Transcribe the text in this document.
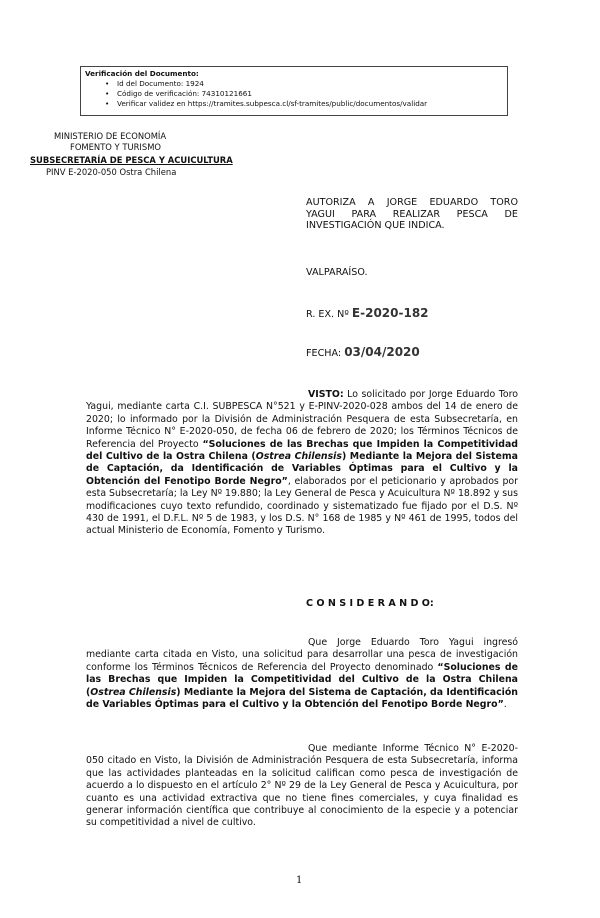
Verificación del Documento:
• Id del Documento: 1924
• Código de verificación: 74310121661
• Verificar validez en https://tramites.subpesca.cl/sf-tramites/public/documentos/validar
MINISTERIO DE ECONOMÍA
FOMENTO Y TURISMO
SUBSECRETARÍA DE PESCA Y ACUICULTURA
PINV E-2020-050 Ostra Chilena
AUTORIZA A JORGE EDUARDO TORO
YAGUI PARA REALIZAR PESCA DE
INVESTIGACIÓN QUE INDICA.
VALPARAÍSO.
R. EX. Nº E-2020-182
FECHA: 03/04/2020
VISTO: Lo solicitado por Jorge Eduardo Toro Yagui, mediante carta C.I. SUBPESCA N°521 y E-PINV-2020-028 ambos del 14 de enero de 2020; lo informado por la División de Administración Pesquera de esta Subsecretaría, en Informe Técnico N° E-2020-050, de fecha 06 de febrero de 2020; los Términos Técnicos de Referencia del Proyecto “Soluciones de las Brechas que Impiden la Competitividad del Cultivo de la Ostra Chilena (Ostrea Chilensis) Mediante la Mejora del Sistema de Captación, da Identificación de Variables Óptimas para el Cultivo y la Obtención del Fenotipo Borde Negro”, elaborados por el peticionario y aprobados por esta Subsecretaría; la Ley Nº 19.880; la Ley General de Pesca y Acuicultura Nº 18.892 y sus modificaciones cuyo texto refundido, coordinado y sistematizado fue fijado por el D.S. Nº 430 de 1991, el D.F.L. Nº 5 de 1983, y los D.S. N° 168 de 1985 y Nº 461 de 1995, todos del actual Ministerio de Economía, Fomento y Turismo.
C O N S I D E R A N D O:
Que Jorge Eduardo Toro Yagui ingresó mediante carta citada en Visto, una solicitud para desarrollar una pesca de investigación conforme los Términos Técnicos de Referencia del Proyecto denominado “Soluciones de las Brechas que Impiden la Competitividad del Cultivo de la Ostra Chilena (Ostrea Chilensis) Mediante la Mejora del Sistema de Captación, da Identificación de Variables Óptimas para el Cultivo y la Obtención del Fenotipo Borde Negro”.
Que mediante Informe Técnico N° E-2020-050 citado en Visto, la División de Administración Pesquera de esta Subsecretaría, informa que las actividades planteadas en la solicitud califican como pesca de investigación de acuerdo a lo dispuesto en el artículo 2° Nº 29 de la Ley General de Pesca y Acuicultura, por cuanto es una actividad extractiva que no tiene fines comerciales, y cuya finalidad es generar información científica que contribuye al conocimiento de la especie y a potenciar su competitividad a nivel de cultivo.
1
